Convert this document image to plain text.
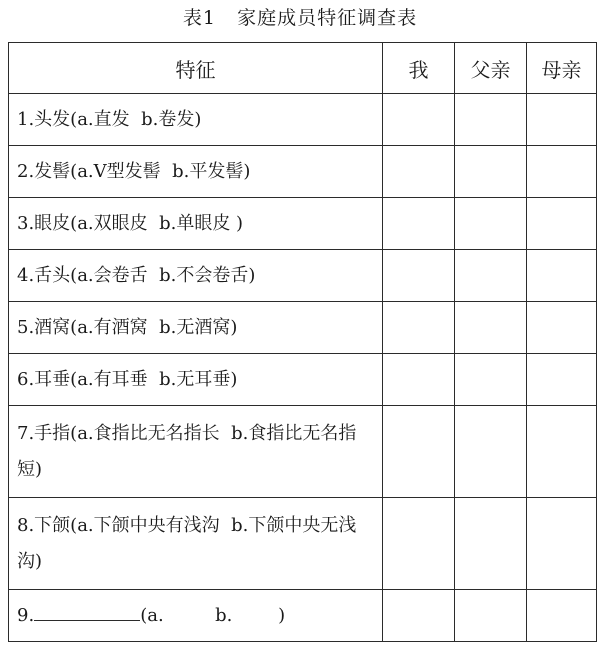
表1   家庭成员特征调查表
特征	我	父亲	母亲
1.头发(a.直发  b.卷发)			
2.发髻(a.V型发髻  b.平发髻)			
3.眼皮(a.双眼皮  b.单眼皮 )			
4.舌头(a.会卷舌  b.不会卷舌)			
5.酒窝(a.有酒窝  b.无酒窝)			
6.耳垂(a.有耳垂  b.无耳垂)			
7.手指(a.食指比无名指长  b.食指比无名指短)			
8.下颌(a.下颌中央有浅沟  b.下颌中央无浅沟)			
9. (a.         b.        )			
